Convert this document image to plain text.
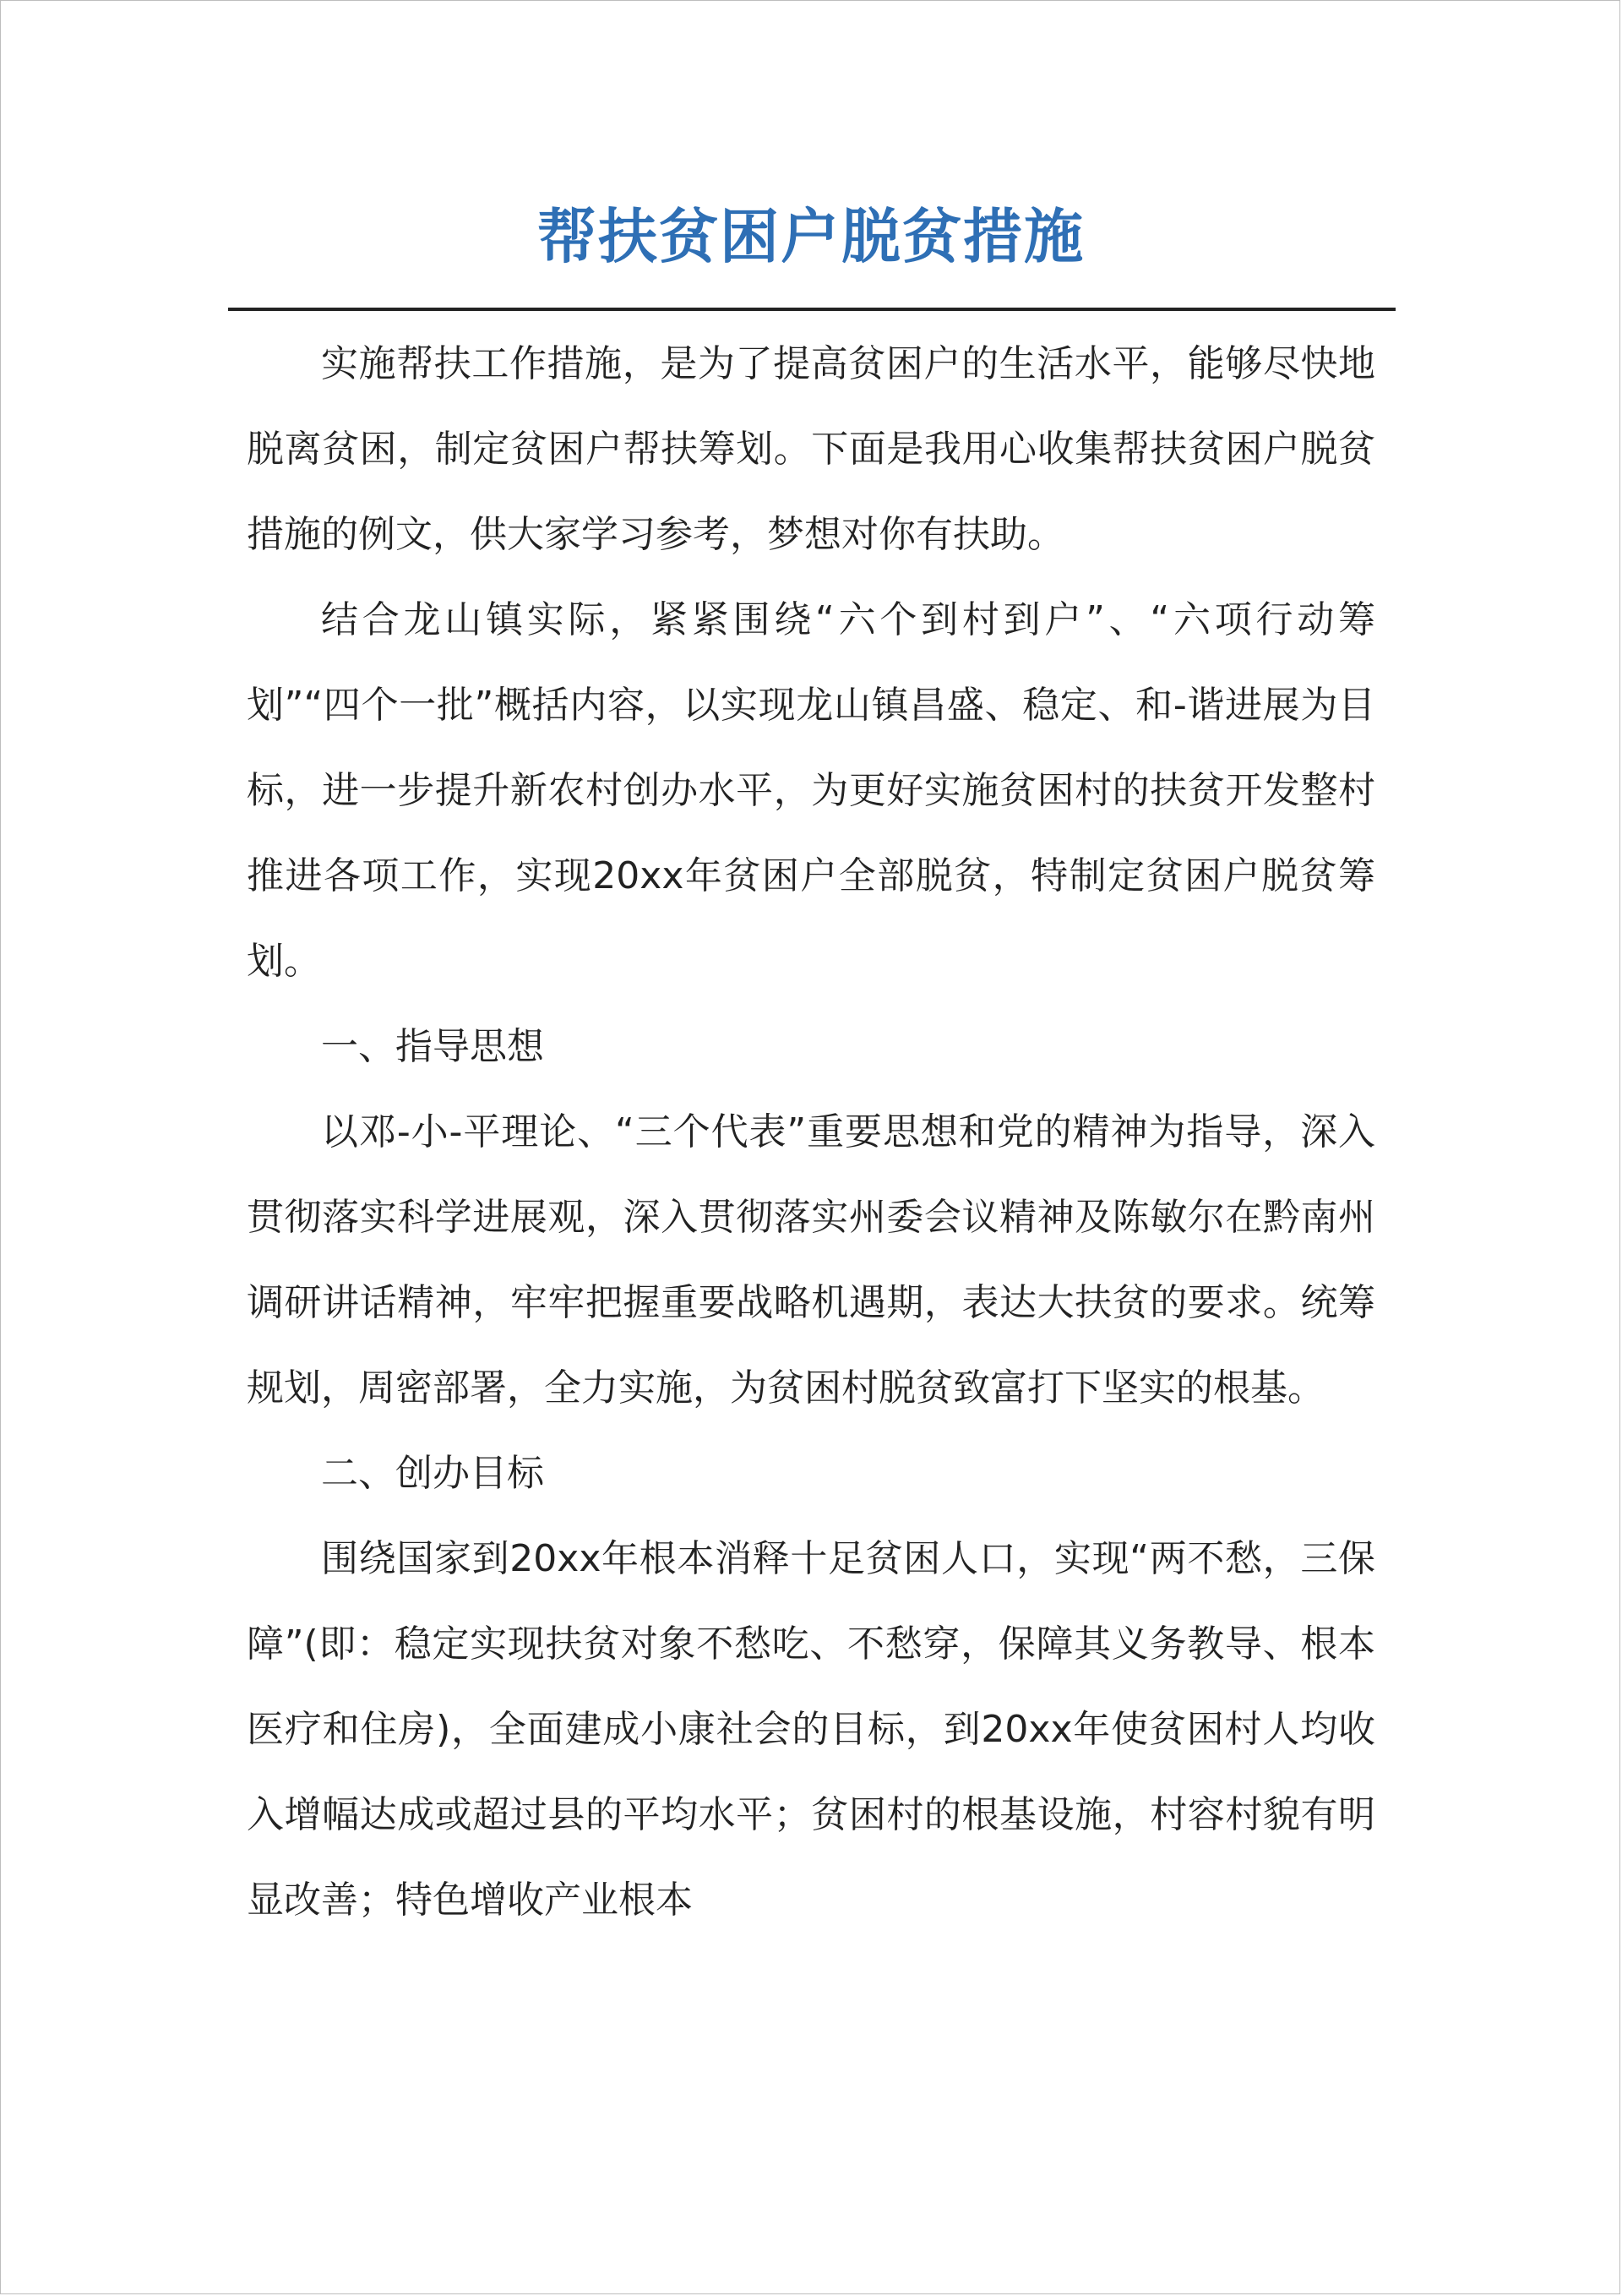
帮扶贫困户脱贫措施

实施帮扶工作措施，是为了提高贫困户的生活水平，能够尽快地脱离贫困，制定贫困户帮扶筹划。下面是我用心收集帮扶贫困户脱贫措施的例文，供大家学习参考，梦想对你有扶助。

结合龙山镇实际，紧紧围绕“六个到村到户”、“六项行动筹划”“四个一批”概括内容，以实现龙山镇昌盛、稳定、和-谐进展为目标，进一步提升新农村创办水平，为更好实施贫困村的扶贫开发整村推进各项工作，实现20xx年贫困户全部脱贫，特制定贫困户脱贫筹划。

一、指导思想

以邓-小-平理论、“三个代表”重要思想和党的精神为指导，深入贯彻落实科学进展观，深入贯彻落实州委会议精神及陈敏尔在黔南州调研讲话精神，牢牢把握重要战略机遇期，表达大扶贫的要求。统筹规划，周密部署，全力实施，为贫困村脱贫致富打下坚实的根基。

二、创办目标

围绕国家到20xx年根本消释十足贫困人口，实现“两不愁，三保障”(即：稳定实现扶贫对象不愁吃、不愁穿，保障其义务教导、根本医疗和住房)，全面建成小康社会的目标，到20xx年使贫困村人均收入增幅达成或超过县的平均水平；贫困村的根基设施，村容村貌有明显改善；特色增收产业根本
